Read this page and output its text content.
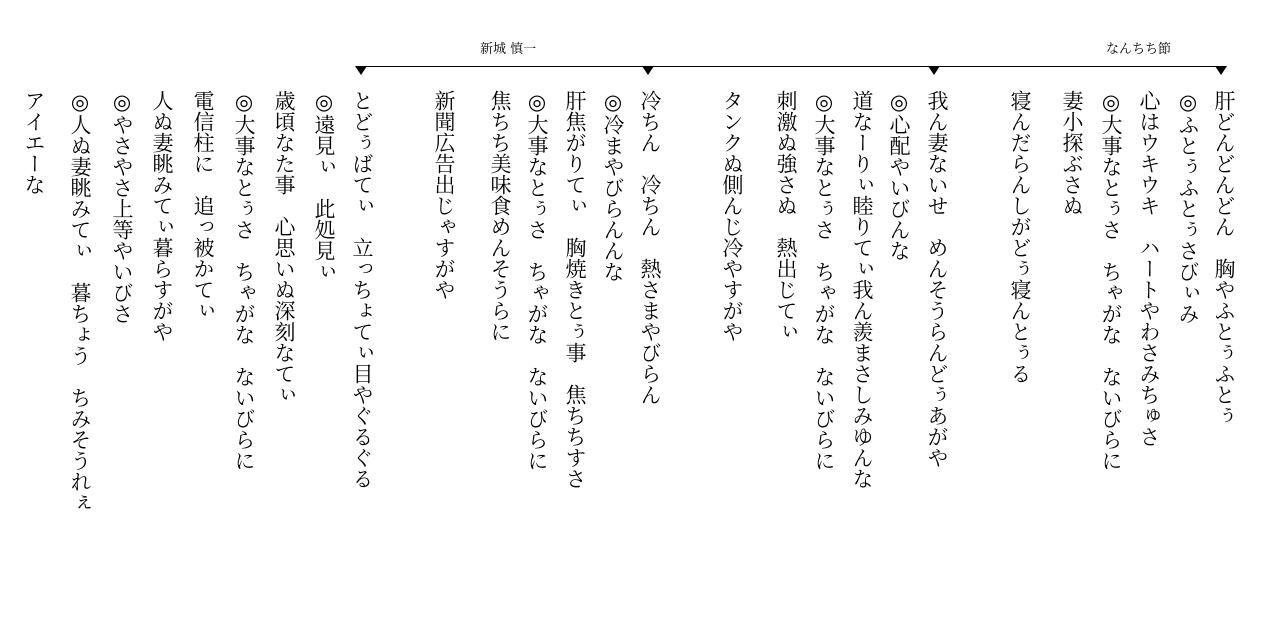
新城 慎一	なんちち節
肝どんどんどん　胸やふとぅふとぅ
◎ふとぅふとぅさびぃみ
心はウキウキ　ハートやわさみちゅさ
◎大事なとぅさ　ちゃがな　ないびらに
妻小探ぶさぬ
寝んだらんしがどぅ寝んとぅる
我ん妻ないせ　めんそうらんどぅあがや
◎心配やいびんな
道なーりぃ睦りてぃ我ん羨まさしみゆんな
◎大事なとぅさ　ちゃがな　ないびらに
刺激ぬ強さぬ　熱出じてぃ
タンクぬ側んじ冷やすがや
冷ちん　冷ちん　熱さまやびらん
◎冷まやびらんんな
肝焦がりてぃ　胸焼きとぅ事　焦ちちすさ
◎大事なとぅさ　ちゃがな　ないびらに
焦ちち美味食めんそうらに
新聞広告出じゃすがや
とどぅばてぃ　立っちょてぃ目やぐるぐる
◎遠見ぃ　此処見ぃ
歳頃なた事　心思いぬ深刻なてぃ
◎大事なとぅさ　ちゃがな　ないびらに
電信柱に　追っ被かてぃ
人ぬ妻眺みてぃ暮らすがや
◎やさやさ上等やいびさ
◎人ぬ妻眺みてぃ　暮ちょう　ちみそうれぇ
アイエーな
